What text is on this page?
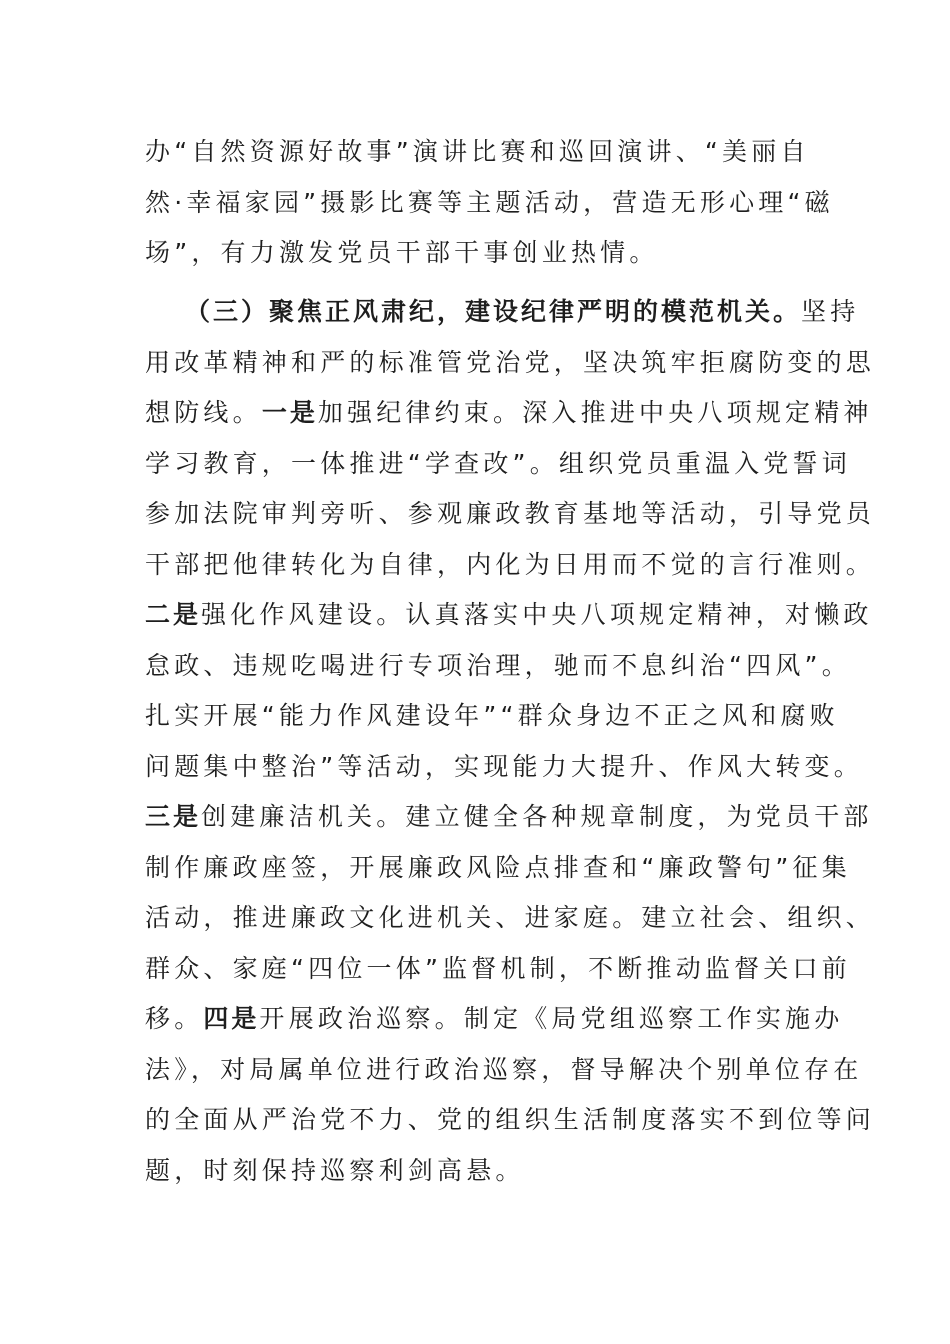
办“自然资源好故事”演讲比赛和巡回演讲、“美丽自
然·幸福家园”摄影比赛等主题活动，营造无形心理“磁
场”，有力激发党员干部干事创业热情。
（三）聚焦正风肃纪，建设纪律严明的模范机关。坚持
用改革精神和严的标准管党治党，坚决筑牢拒腐防变的思
想防线。一是加强纪律约束。深入推进中央八项规定精神
学习教育，一体推进“学查改”。组织党员重温入党誓词
参加法院审判旁听、参观廉政教育基地等活动，引导党员
干部把他律转化为自律，内化为日用而不觉的言行准则。
二是强化作风建设。认真落实中央八项规定精神，对懒政
怠政、违规吃喝进行专项治理，驰而不息纠治“四风”。
扎实开展“能力作风建设年”“群众身边不正之风和腐败
问题集中整治”等活动，实现能力大提升、作风大转变。
三是创建廉洁机关。建立健全各种规章制度，为党员干部
制作廉政座签，开展廉政风险点排查和“廉政警句”征集
活动，推进廉政文化进机关、进家庭。建立社会、组织、
群众、家庭“四位一体”监督机制，不断推动监督关口前
移。四是开展政治巡察。制定《局党组巡察工作实施办
法》，对局属单位进行政治巡察，督导解决个别单位存在
的全面从严治党不力、党的组织生活制度落实不到位等问
题，时刻保持巡察利剑高悬。
